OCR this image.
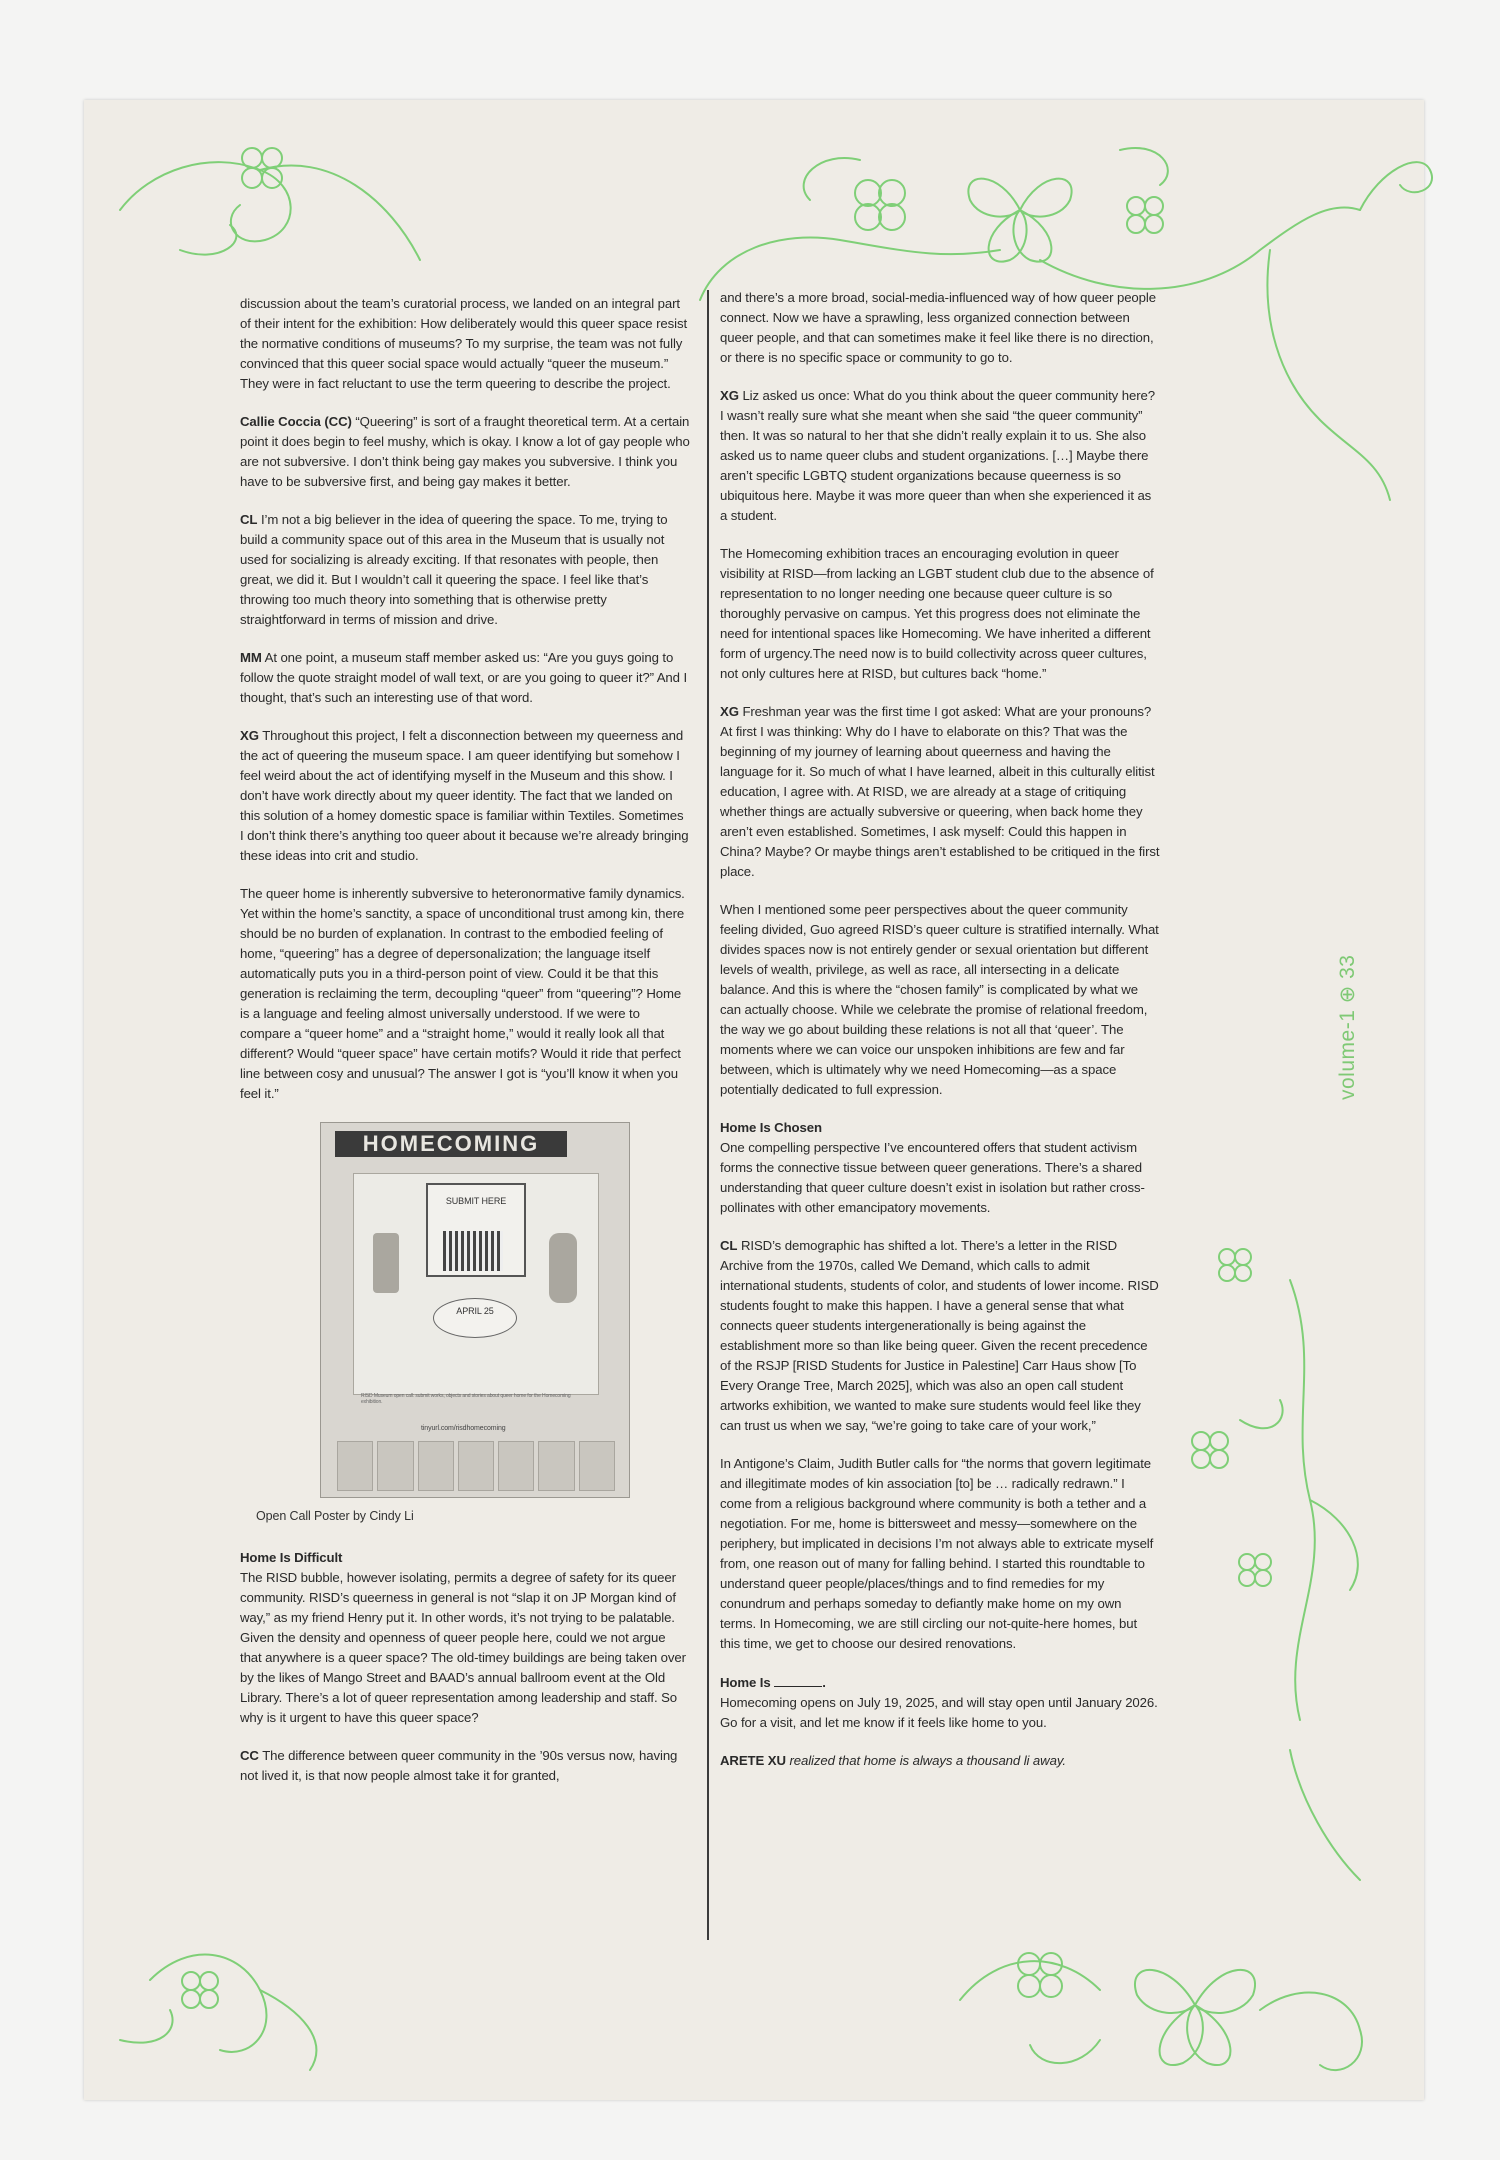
discussion about the team’s curatorial process, we landed on an integral part of their intent for the exhibition: How deliberately would this queer space resist the normative conditions of museums? To my surprise, the team was not fully convinced that this queer social space would actually “queer the museum.” They were in fact reluctant to use the term queering to describe the project.

Callie Coccia (CC) “Queering” is sort of a fraught theoretical term. At a certain point it does begin to feel mushy, which is okay. I know a lot of gay people who are not subversive. I don’t think being gay makes you subversive. I think you have to be subversive first, and being gay makes it better.

CL I’m not a big believer in the idea of queering the space. To me, trying to build a community space out of this area in the Museum that is usually not used for socializing is already exciting. If that resonates with people, then great, we did it. But I wouldn’t call it queering the space. I feel like that’s throwing too much theory into something that is otherwise pretty straightforward in terms of mission and drive.

MM At one point, a museum staff member asked us: “Are you guys going to follow the quote straight model of wall text, or are you going to queer it?” And I thought, that’s such an interesting use of that word.

XG Throughout this project, I felt a disconnection between my queerness and the act of queering the museum space. I am queer identifying but somehow I feel weird about the act of identifying myself in the Museum and this show. I don’t have work directly about my queer identity. The fact that we landed on this solution of a homey domestic space is familiar within Textiles. Sometimes I don’t think there’s anything too queer about it because we’re already bringing these ideas into crit and studio.

The queer home is inherently subversive to heteronormative family dynamics. Yet within the home’s sanctity, a space of unconditional trust among kin, there should be no burden of explanation. In contrast to the embodied feeling of home, “queering” has a degree of depersonalization; the language itself automatically puts you in a third-person point of view. Could it be that this generation is reclaiming the term, decoupling “queer” from “queering”? Home is a language and feeling almost universally understood. If we were to compare a “queer home” and a “straight home,” would it really look all that different? Would “queer space” have certain motifs? Would it ride that perfect line between cosy and unusual? The answer I got is “you’ll know it when you feel it.”

HOMECOMING
SUBMIT HERE
APRIL 25
RISD Museum open call: submit works, objects and stories about queer home for the Homecoming exhibition.
tinyurl.com/risdhomecoming
Open Call Poster by Cindy Li
Home Is Difficult

The RISD bubble, however isolating, permits a degree of safety for its queer community. RISD’s queerness in general is not “slap it on JP Morgan kind of way,” as my friend Henry put it. In other words, it’s not trying to be palatable. Given the density and openness of queer people here, could we not argue that anywhere is a queer space? The old-timey buildings are being taken over by the likes of Mango Street and BAAD’s annual ballroom event at the Old Library. There’s a lot of queer representation among leadership and staff. So why is it urgent to have this queer space?

CC The difference between queer community in the ’90s versus now, having not lived it, is that now people almost take it for granted,

and there’s a more broad, social-media-influenced way of how queer people connect. Now we have a sprawling, less organized connection between queer people, and that can sometimes make it feel like there is no direction, or there is no specific space or community to go to.

XG Liz asked us once: What do you think about the queer community here? I wasn’t really sure what she meant when she said “the queer community” then. It was so natural to her that she didn’t really explain it to us. She also asked us to name queer clubs and student organizations. […] Maybe there aren’t specific LGBTQ student organizations because queerness is so ubiquitous here. Maybe it was more queer than when she experienced it as a student.

The Homecoming exhibition traces an encouraging evolution in queer visibility at RISD—from lacking an LGBT student club due to the absence of representation to no longer needing one because queer culture is so thoroughly pervasive on campus. Yet this progress does not eliminate the need for intentional spaces like Homecoming. We have inherited a different form of urgency.The need now is to build collectivity across queer cultures, not only cultures here at RISD, but cultures back “home.”

XG Freshman year was the first time I got asked: What are your pronouns? At first I was thinking: Why do I have to elaborate on this? That was the beginning of my journey of learning about queerness and having the language for it. So much of what I have learned, albeit in this culturally elitist education, I agree with. At RISD, we are already at a stage of critiquing whether things are actually subversive or queering, when back home they aren’t even established. Sometimes, I ask myself: Could this happen in China? Maybe? Or maybe things aren’t established to be critiqued in the first place.

When I mentioned some peer perspectives about the queer community feeling divided, Guo agreed RISD’s queer culture is stratified internally. What divides spaces now is not entirely gender or sexual orientation but different levels of wealth, privilege, as well as race, all intersecting in a delicate balance. And this is where the “chosen family” is complicated by what we can actually choose. While we celebrate the promise of relational freedom, the way we go about building these relations is not all that ‘queer’. The moments where we can voice our unspoken inhibitions are few and far between, which is ultimately why we need Homecoming—as a space potentially dedicated to full expression.

Home Is Chosen

One compelling perspective I’ve encountered offers that student activism forms the connective tissue between queer generations. There’s a shared understanding that queer culture doesn’t exist in isolation but rather cross-pollinates with other emancipatory movements.

CL RISD’s demographic has shifted a lot. There’s a letter in the RISD Archive from the 1970s, called We Demand, which calls to admit international students, students of color, and students of lower income. RISD students fought to make this happen. I have a general sense that what connects queer students intergenerationally is being against the establishment more so than like being queer. Given the recent precedence of the RSJP [RISD Students for Justice in Palestine] Carr Haus show [To Every Orange Tree, March 2025], which was also an open call student artworks exhibition, we wanted to make sure students would feel like they can trust us when we say, “we’re going to take care of your work,”

In Antigone’s Claim, Judith Butler calls for “the norms that govern legitimate and illegitimate modes of kin association [to] be … radically redrawn.” I come from a religious background where community is both a tether and a negotiation. For me, home is bittersweet and messy—somewhere on the periphery, but implicated in decisions I’m not always able to extricate myself from, one reason out of many for falling behind. I started this roundtable to understand queer people/places/things and to find remedies for my conundrum and perhaps someday to defiantly make home on my own terms. In Homecoming, we are still circling our not-quite-here homes, but this time, we get to choose our desired renovations.

Home Is	.

Homecoming opens on July 19, 2025, and will stay open until January 2026. Go for a visit, and let me know if it feels like home to you.

ARETE XU realized that home is always a thousand li away.

volume-1 ⊕ 33
